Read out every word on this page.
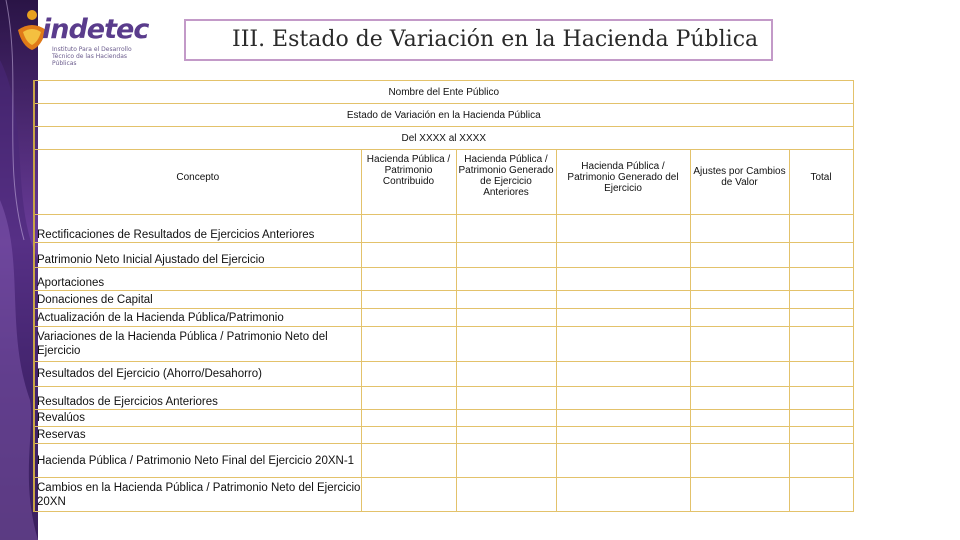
indetec
Instituto Para el Desarrollo Técnico de las Haciendas Públicas
III. Estado de Variación en la Hacienda Pública
Nombre del Ente Público					
Estado de Variación en la Hacienda Pública					
Del XXXX al XXXX					
Concepto	Hacienda Pública / Patrimonio Contribuido	Hacienda Pública / Patrimonio Generado de Ejercicio Anteriores	Hacienda Pública / Patrimonio Generado del Ejercicio	Ajustes por Cambios de Valor	Total
Rectificaciones de Resultados de Ejercicios Anteriores					
Patrimonio Neto Inicial Ajustado del Ejercicio					
Aportaciones					
Donaciones de Capital					
Actualización de la Hacienda Pública/Patrimonio					
Variaciones de la Hacienda Pública / Patrimonio Neto del Ejercicio					
Resultados del Ejercicio (Ahorro/Desahorro)					
Resultados de Ejercicios Anteriores					
Revalúos					
Reservas					
Hacienda Pública / Patrimonio Neto Final del Ejercicio 20XN-1					
Cambios en la Hacienda Pública / Patrimonio Neto del Ejercicio 20XN					
